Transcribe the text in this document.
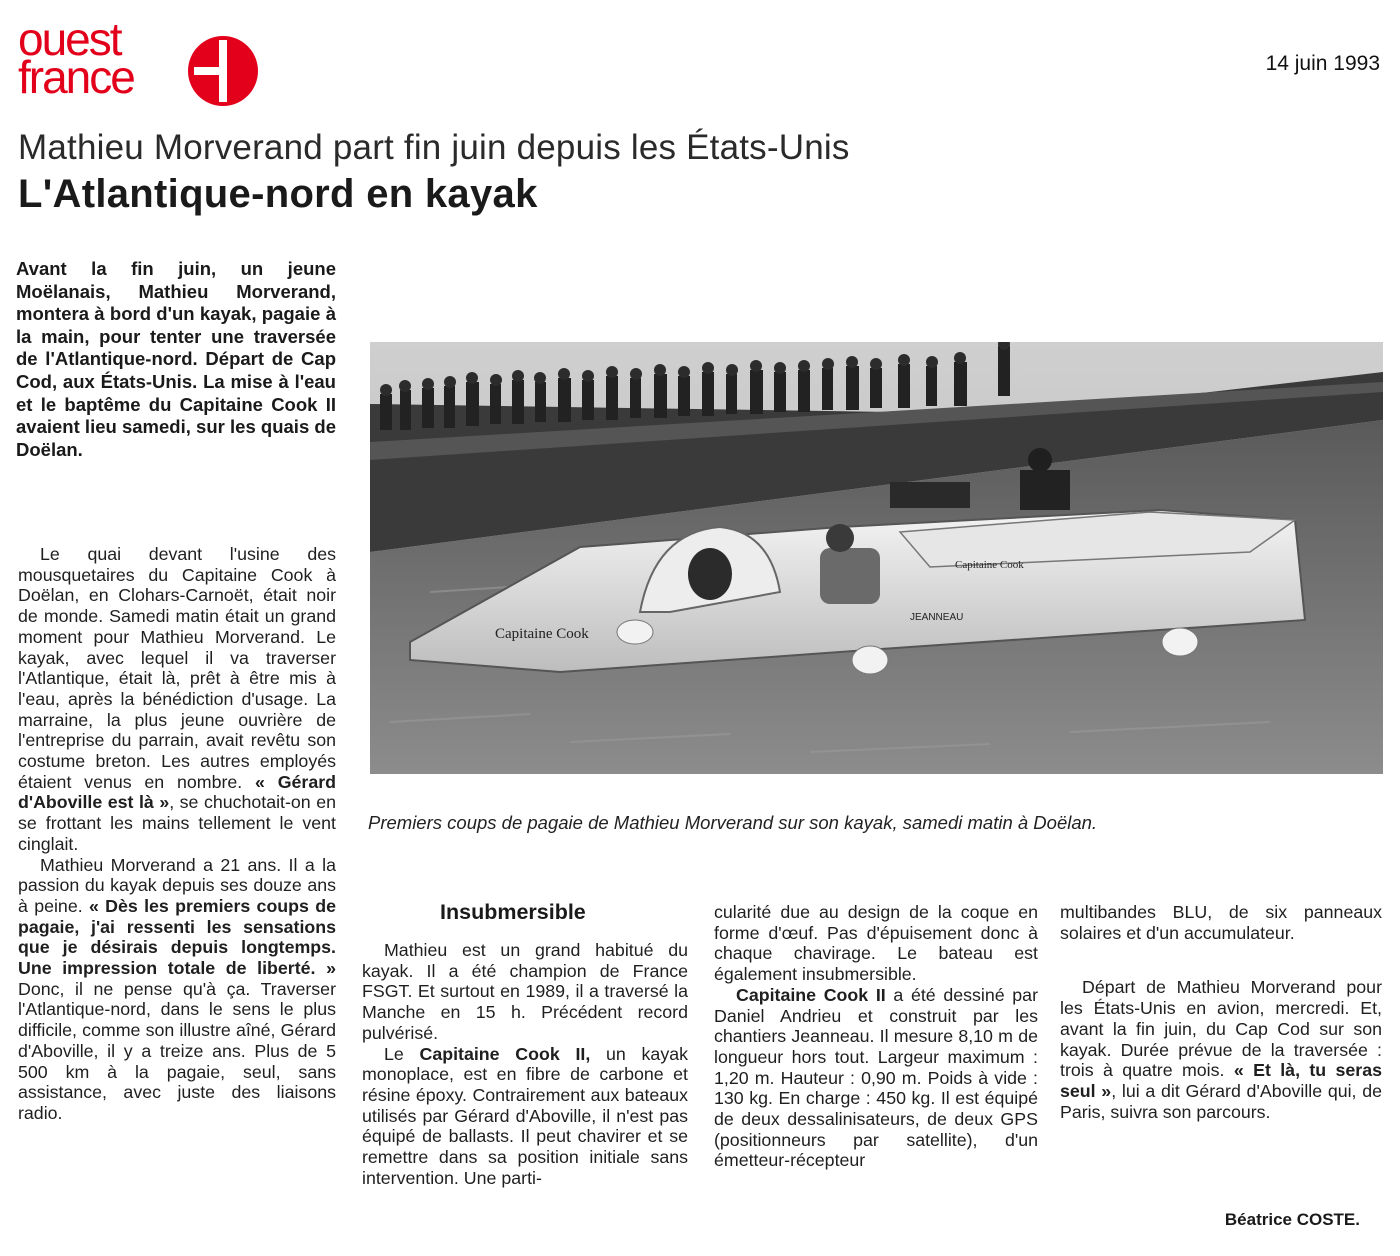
ouest
france	14 juin 1993
Mathieu Morverand part fin juin depuis les États-Unis
L'Atlantique-nord en kayak
Avant la fin juin, un jeune Moëlanais, Mathieu Morverand, montera à bord d'un kayak, pagaie à la main, pour tenter une traversée de l'Atlantique-nord. Départ de Cap Cod, aux États-Unis. La mise à l'eau et le baptême du Capitaine Cook II avaient lieu samedi, sur les quais de Doëlan.

Le quai devant l'usine des mousquetaires du Capitaine Cook à Doëlan, en Clohars-Carnoët, était noir de monde. Samedi matin était un grand moment pour Mathieu Morverand. Le kayak, avec lequel il va traverser l'Atlantique, était là, prêt à être mis à l'eau, après la bénédiction d'usage. La marraine, la plus jeune ouvrière de l'entreprise du parrain, avait revêtu son costume breton. Les autres employés étaient venus en nombre. « Gérard d'Aboville est là », se chuchotait-on en se frottant les mains tellement le vent cinglait.

Mathieu Morverand a 21 ans. Il a la passion du kayak depuis ses douze ans à peine. « Dès les premiers coups de pagaie, j'ai ressenti les sensations que je désirais depuis longtemps. Une impression totale de liberté. » Donc, il ne pense qu'à ça. Traverser l'Atlantique-nord, dans le sens le plus difficile, comme son illustre aîné, Gérard d'Aboville, il y a treize ans. Plus de 5 500 km à la pagaie, seul, sans assistance, avec juste des liaisons radio.

Capitaine Cook
Capitaine Cook
JEANNEAU
Premiers coups de pagaie de Mathieu Morverand sur son kayak, samedi matin à Doëlan.
Insubmersible

Mathieu est un grand habitué du kayak. Il a été champion de France FSGT. Et surtout en 1989, il a traversé la Manche en 15 h. Précédent record pulvérisé.

Le Capitaine Cook II, un kayak monoplace, est en fibre de carbone et résine époxy. Contrairement aux bateaux utilisés par Gérard d'Aboville, il n'est pas équipé de ballasts. Il peut chavirer et se remettre dans sa position initiale sans intervention. Une parti-

cularité due au design de la coque en forme d'œuf. Pas d'épuisement donc à chaque chavirage. Le bateau est également insubmersible.

Capitaine Cook II a été dessiné par Daniel Andrieu et construit par les chantiers Jeanneau. Il mesure 8,10 m de longueur hors tout. Largeur maximum : 1,20 m. Hauteur : 0,90 m. Poids à vide : 130 kg. En charge : 450 kg. Il est équipé de deux dessalinisateurs, de deux GPS (positionneurs par satellite), d'un émetteur-récepteur

multibandes BLU, de six panneaux solaires et d'un accumulateur.

Départ de Mathieu Morverand pour les États-Unis en avion, mercredi. Et, avant la fin juin, du Cap Cod sur son kayak. Durée prévue de la traversée : trois à quatre mois. « Et là, tu seras seul », lui a dit Gérard d'Aboville qui, de Paris, suivra son parcours.

Béatrice COSTE.
